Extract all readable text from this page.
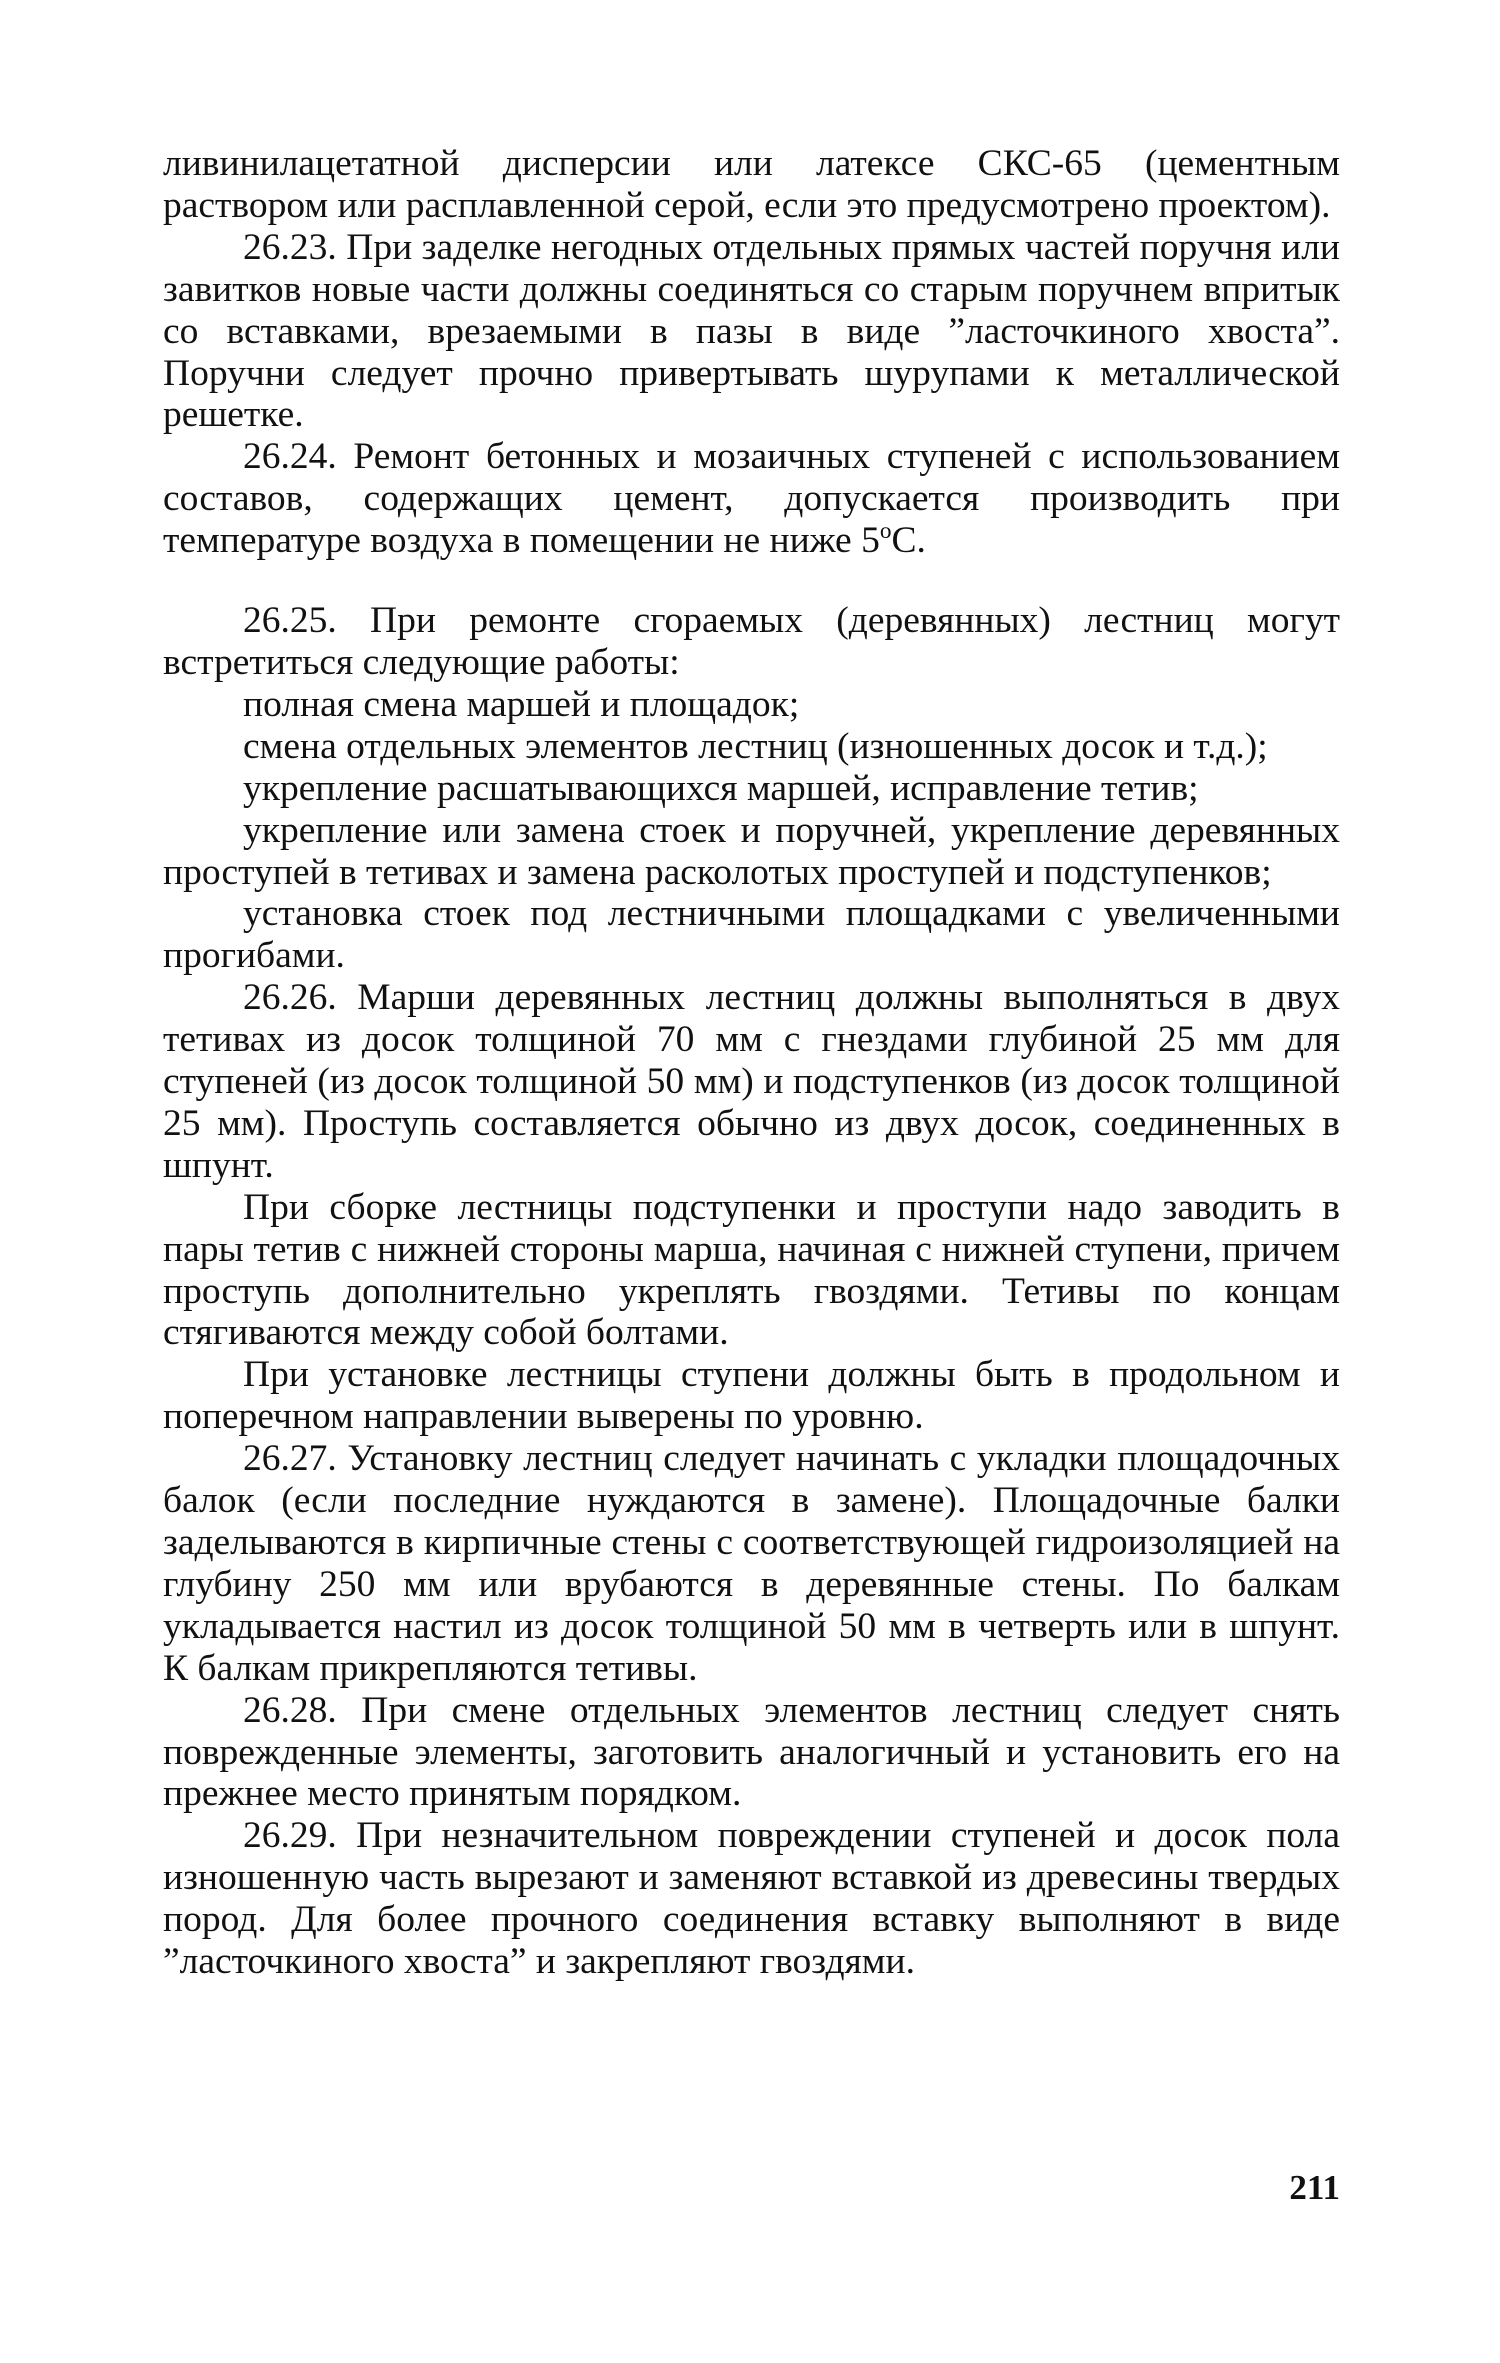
ливинилацетатной дисперсии или латексе СКС-65 (цементным раствором или расплавленной серой, если это предусмотрено проектом).

26.23. При заделке негодных отдельных прямых частей поручня или завитков новые части должны соединяться со старым поручнем впритык со вставками, врезаемыми в пазы в виде ”ласточкиного хвоста”. Поручни следует прочно привертывать шурупами к металлической решетке.

26.24. Ремонт бетонных и мозаичных ступеней с использованием составов, содержащих цемент, допускается производить при температуре воздуха в помещении не ниже $5^оС$.

26.25. При ремонте сгораемых (деревянных) лестниц могут встретиться следующие работы:

полная смена маршей и площадок;

смена отдельных элементов лестниц (изношенных досок и т.д.);

укрепление расшатывающихся маршей, исправление тетив;

укрепление или замена стоек и поручней, укрепление деревянных проступей в тетивах и замена расколотых проступей и подступенков;

установка стоек под лестничными площадками с увеличенными прогибами.

26.26. Марши деревянных лестниц должны выполняться в двух тетивах из досок толщиной 70 мм с гнездами глубиной 25 мм для ступеней (из досок толщиной 50 мм) и подступенков (из досок толщиной 25 мм). Проступь составляется обычно из двух досок, соединенных в шпунт.

При сборке лестницы подступенки и проступи надо заводить в пары тетив с нижней стороны марша, начиная с нижней ступени, причем проступь дополнительно укреплять гвоздями. Тетивы по концам стягиваются между собой болтами.

При установке лестницы ступени должны быть в продольном и поперечном направлении выверены по уровню.

26.27. Установку лестниц следует начинать с укладки площадочных балок (если последние нуждаются в замене). Площадочные балки заделываются в кирпичные стены с соответствующей гидроизоляцией на глубину 250 мм или врубаются в деревянные стены. По балкам укладывается настил из досок толщиной 50 мм в четверть или в шпунт. К балкам прикрепляются тетивы.

26.28. При смене отдельных элементов лестниц следует снять поврежденные элементы, заготовить аналогичный и установить его на прежнее место принятым порядком.

26.29. При незначительном повреждении ступеней и досок пола изношенную часть вырезают и заменяют вставкой из древесины твердых пород. Для более прочного соединения вставку выполняют в виде ”ласточкиного хвоста” и закрепляют гвоздями.

211
